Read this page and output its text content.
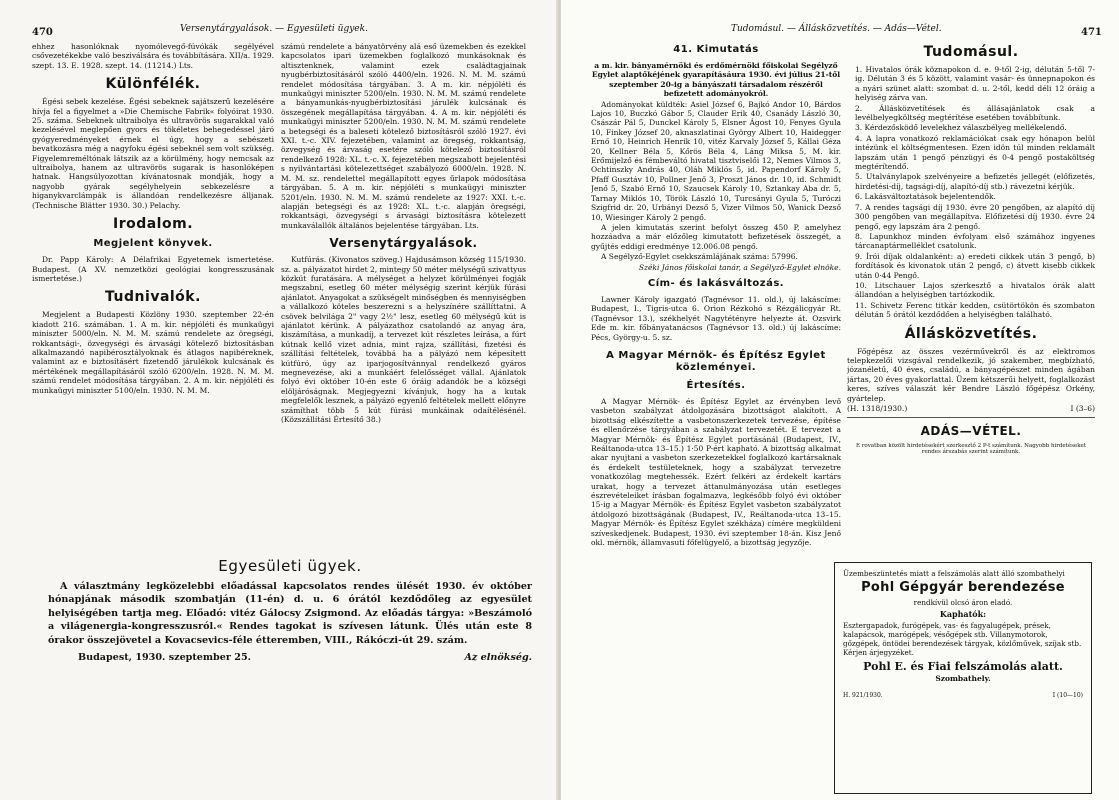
470	Versenytárgyalások. — Egyesületi ügyek.

ehhez hasonlóknak nyomólevegő-fúvókák segélyével csővezetékekbe való besziválsára és továbbítására. XII/a. 1929. szept. 13. E. 1928. szept. 14. (11214.) Lts.

Különfélék.

Égési sebek kezelése. Égési sebeknek sajátszerű kezelésére hívja fel a figyelmet a »Die Chemische Fabrik« folyóirat 1930. 25. száma. Sebeknek ultraibolya és ultravörös sugarakkal való kezelésével meglepően gyors és tökéletes behegedéssel járó gyógyeredményeket érnek el úgy, hogy a sebészeti bevatkozásra még a nagyfoku égési sebeknél sem volt szükség. Figyelemreméltónak látszik az a körülmény, hogy nemcsak az ultraibolya, hanem az ultravörös sugarak is hasonlóképen hatnak. Hangsúlyozottan kívánatosnak mondják, hogy a nagyobb gyárak segélyhelyein sebkezelésre a higanykvarclámpák is állandóan rendelkezésre álljanak. (Technische Blätter 1930. 30.) Pelachy.

Irodalom.
Megjelent könyvek.

Dr. Papp Károly: A Délafrikai Egyetemek ismertetése. Budapest. (A XV. nemzetközi geológiai kongresszusának ismertetése.)

Tudnivalók.

Megjelent a Budapesti Közlöny 1930. szeptember 22-én kiadott 216. számában. 1. A m. kir. népjóléti és munkaügyi miniszter 5000/eln. N. M. M. számú rendelete az öregségi, rokkantsági-, özvegységi és árvasági kötelező biztosításban alkalmazandó napibérosztályoknak és átlagos napibéreknek, valamint az e biztosításért fizetendő járulékok kulcsának és mértékének megállapításáról szóló 6200/eln. 1928. N. M. M. számú rendelet módosítása tárgyában. 2. A m. kir. népjóléti és munkaügyi miniszter 5100/eln. 1930. N. M. M.

számú rendelete a bányatörvény alá eső üzemekben és ezekkel kapcsolatos ipari üzemekben foglalkozó munkásoknak és altisztenknek, valamint ezek családtagjainak nyugbérbiztosításáról szóló 4400/eln. 1926. N. M. M. számú rendelet módosítása tárgyában. 3. A m. kir. népjóléti és munkaügyi miniszter 5200/eln. 1930. N. M. M. számú rendelete a bányamunkás-nyugbérbiztosítási járulék kulcsának és összegének megállapítása tárgyában. 4. A m. kir. népjóléti és munkaügyi miniszter 5200/eln. 1930. N. M. M. számú rendelete a betegségi és a baleseti kötelező biztosításról szóló 1927. évi XXI. t.-c. XIV. fejezetében, valamint az öregség, rokkantság, özvegység és árvaság esetére szóló kötelező biztosításról rendelkező 1928: XL. t.-c. X. fejezetében megszabott bejelentési s nyilvántartási kötelezettséget szabályozó 6000/eln. 1928. N. M. M. sz. rendelettel megállapított egyes űrlapok módosítása tárgyában. 5. A m. kir. népjóléti s munkaügyi miniszter 5201/eln. 1930. N. M. M. számú rendelete az 1927: XXI. t.-c. alapján betegségi és az 1928: XL. t.-c. alapján öregségi, rokkantsági, özvegységi s árvasági biztosításra kötelezett munkaválallók általános bejelentése tárgyában. Lts.

Versenytárgyalások.

Kutfúrás. (Kivonatos szöveg.) Hajdusámson község 115/1930. sz. a. pályázatot hirdet 2, mintegy 50 méter mélységű szivattyus közkút furatására. A mélységet a helyzet körülményei fogják megszabni, esetleg 60 méter mélységig szerint kérjük fúrási ajánlatot. Anyagokat a szükségelt minőségben és mennyiségben a vállalkozó köteles beszerezni s a helyszínére szállíttatni. A csövek belvilága 2" vagy 2½" lesz, esetleg 60 mélységű kút is ajánlatot kérünk. A pályázathoz csatolandó az anyag ára, kiszámítása, a munkadíj, a tervezet kút részletes leírása, a fúrt kútnak kellő vizet adnia, mint rajza, szállítási, fizetési és szállítási feltételek, továbbá ha a pályázó nem képesített kútfúró, úgy az iparjogosítvánnyal rendelkező gyáros megnevezése, aki a munkáért felelősséget vállal. Ajánlatok folyó évi október 10-én este 6 óráig adandók be a községi elöljáróságnak. Megjegyezni kívánjuk, hogy ha a kutak megfelelők lesznek, a pályázó egyenlő feltételek mellett előnyre számíthat több 5 kút fúrási munkáinak odaítélésénél. (Közszállítási Értesítő 38.)

Egyesületi ügyek.

A választmány legközelebbi előadással kapcsolatos rendes ülését 1930. év október hónapjának második szombatján (11-én) d. u. 6 órától kezdődőleg az egyesület helyiségében tartja meg. Előadó: vitéz Gálocsy Zsigmond. Az előadás tárgya: »Beszámoló a világenergia-kongresszusról.« Rendes tagokat is szívesen látunk. Ülés után este 8 órakor összejövetel a Kovacsevics-féle étteremben, VIII., Rákóczi-út 29. szám.

Budapest, 1930. szeptember 25.	Az elnökség.
Tudomásul. — Állásközvetítés. — Adás—Vétel.	471
41. Kimutatás

a m. kir. bányamérnöki és erdőmérnöki főiskolai Segélyző Egylet alaptőkéjének gyarapításáura 1930. évi július 21-től szeptember 20-ig a bányászati társadalom részéről befizetett adományokról.

Adományokat küldték: Asiel József 6, Bajkó Andor 10, Bárdos Lajos 10, Buczkó Gábor 5, Clauder Erik 40, Csanády László 30, Császár Pál 5, Dunckel Károly 5, Elsner Ágost 10, Fenyes Gyula 10, Finkey József 20, aknaszlatinai György Albert 10, Haidegger Ernő 10, Heinrich Henrik 10, vitéz Karvaly József 5, Kállai Géza 20, Kellner Béla 5, Kőrös Béla 4, Láng Miksa 5, M. kir. Erőmijelző és fémbeváltó hivatal tisztviselői 12, Nemes Vilmos 3, Ochtinszky András 40, Oláh Miklós 5, id. Papendorf Károly 5, Pfaff Gusztáv 10, Pollner Jenő 3, Proszt János dr. 10, id. Schmidt Jenő 5, Szabó Ernő 10, Szaucsek Károly 10, Sztankay Aba dr. 5, Tarnay Miklós 10, Török László 10, Turcsányi Gyula 5, Turóczi Szigfrid dr. 20, Urbányi Dezső 5, Vizer Vilmos 50, Wanick Dezső 10, Wiesinger Károly 2 pengő.

A jelen kimutatás szerint befolyt összeg 450 P, amelyhez hozzáadva a már előzőleg kimutatott befizetések összegét, a gyűjtés eddigi eredménye 12.006.08 pengő.

A Segélyző-Egylet csekkszámlájának száma: 57996.

Széki János főiskolai tanár, a Segélyző-Egylet elnöke.

Cím- és lakásváltozás.

Lawner Károly igazgató (Tagnévsor 11. old.), új lakáscíme: Budapest, I., Tigris-utca 6. Orion Rézkohó s Rézgálicgyár Rt. (Tagnévsor 13.), székhelyét Nagytétényre helyezte át. Ozsvirk Ede m. kir. főbányatanácsos (Tagnévsor 13. old.) új lakáscíme: Pécs, György-u. 5. sz.

A Magyar Mérnök- és Építész Egylet közleményei.
Értesítés.

A Magyar Mérnök- és Építész Egylet az érvényben levő vasbeton szabályzat átdolgozására bizottságot alakított. A bizottság elkészítette a vasbetonszerkezetek tervezése, építése és ellenőrzése tárgyában a szabályzat tervezetét. E tervezet a Magyar Mérnök- és Építész Egylet portásánál (Budapest, IV., Reáltanoda-utca 13–15.) 1·50 P-ért kapható. A bizottság alkalmat akar nyujtani a vasbeton szerkezetekkel foglalkozó kartársaknak és érdekelt testületeknek, hogy a szabályzat tervezetre vonatkozólag megtehessék. Ezért felkéri az érdekelt kartárs urakat, hogy a tervezet áttanulmányozása után esetleges észrevételeiket írásban fogalmazva, legkésőbb folyó évi október 15-ig a Magyar Mérnök- és Építész Egylet vasbeton szabályzatot átdolgozó bizottságának (Budapest, IV., Reáltanoda-utca 13–15. Magyar Mérnök- és Építész Egylet székháza) címére megküldeni szíveskedjenek. Budapest, 1930. évi szeptember 18-án. Kisz Jenő okl. mérnök, államvasuti főfelügyelő, a bizottság jegyzője.

Tudomásul.

1. Hivatalos órák köznapokon d. e. 9-től 2-ig, délután 5-től 7-ig. Délután 3 és 5 között, valamint vasár- és ünnepnapokon és a nyári szünet alatt: szombat d. u. 2-től, kedd déli 12 óráig a helyiség zárva van.

2. Állásközvetítések és állásajánlatok csak a levélbelyegköltség megtérítése esetében továbbítunk.

3. Kérdezősködő levelekhez válaszbélyeg mellékelendő.

4. A lapra vonatkozó reklamációkat csak egy hónapon belül intézünk el költségmentesen. Ezen idön túl minden reklamált lapszám után 1 pengő pénzügyi és 0·4 pengő postaköltség megtérítendő.

5. Utalványlapok szelvényeire a befizetés jellegét (előfizetés, hirdetési-díj, tagsági-díj, alapító-díj stb.) rávezetni kérjük.

6. Lakásváltoztatások bejelentendők.

7. A rendes tagsági díj 1930. évre 20 pengőben, az alapító díj 300 pengőben van megállapítva. Előfizetési díj 1930. évre 24 pengő, egy lapszám ára 2 pengő.

8. Lapunkhoz minden évfolyam első számához ingyenes tárcanaptármelléklet csatolunk.

9. Írói díjak oldalanként: a) eredeti cikkek után 3 pengő, b) fordítások és kivonatok után 2 pengő, c) átvett kisebb cikkek után 0·44 Pengő.

10. Litschauer Lajos szerkesztő a hivatalos órák alatt állandóan a helyiségben tartózkodik.

11. Schivetz Ferenc titkár kedden, csütörtökön és szombaton délután 5 órától kezdődően a helyiségben található.

Állásközvetítés.

Főgépész az összes vezérművekről és az elektromos telepkezelői vizsgával rendelkezik, jó szakember, megbízható, józanéletű, 40 éves, családú, a bányagépészet minden ágában jártas, 20 éves gyakorlattal. Üzem kétszerűi helyett, foglalkozást keres, szíves válaszát kér Bendre László főgépész Orkény, gyártelep.

(H. 1318/1930.)	I (3–6)
ADÁS—VÉTEL.
E rovatban közölt hirdetésekért szerkesztő 2 P-t számítunk. Nagyobb hirdetéseket rendes árszabás szerint számítunk.
Üzembeszüntetés miatt a felszámolás alatt álló szombathelyi
Pohl Gépgyár berendezése
rendkívül olcsó áron eladó.
Kaphatók:
Esztergapadok, furógépek, vas- és fagyalugépek, prések, kalapácsok, marógépek, vésőgépek stb. Villanymotorok, gőzgépek, öntödei berendezések tárgyak, közlőművek, szíjak stb.
Kérjen árjegyzéket.
Pohl E. és Fiai felszámolás alatt.
Szombathely.
H. 921/1930.	I (10—10)
